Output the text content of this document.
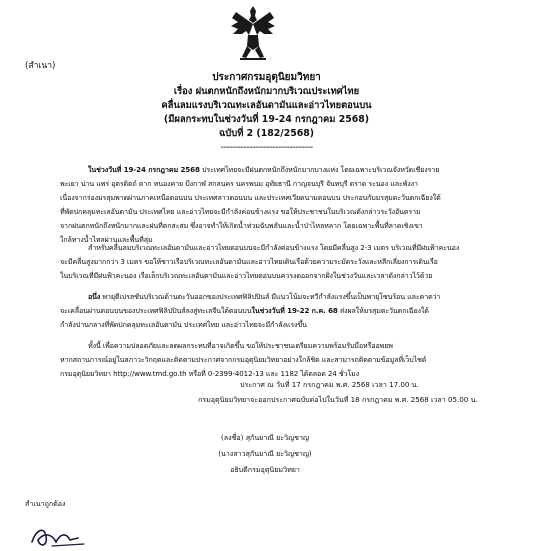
(สำเนา)
ประกาศกรมอุตุนิยมวิทยา
เรื่อง ฝนตกหนักถึงหนักมากบริเวณประเทศไทย
คลื่นลมแรงบริเวณทะเลอันดามันและอ่าวไทยตอนบน
(มีผลกระทบในช่วงวันที่ 19-24 กรกฎาคม 2568)
ฉบับที่ 2 (182/2568)
--------------------------------
ในช่วงวันที่ 19-24 กรกฎาคม 2568 ประเทศไทยจะมีฝนตกหนักถึงหนักมากบางแห่ง โดยเฉพาะบริเวณจังหวัดเชียงราย
พะเยา น่าน แพร่ อุตรดิตถ์ ตาก หนองคาย บึงกาฬ สกลนคร นครพนม อุทัยธานี กาญจนบุรี จันทบุรี ตราด ระนอง และพังงา
เนื่องจากร่องมรสุมพาดผ่านภาคเหนือตอนบน ประเทศลาวตอนบน และประเทศเวียดนามตอนบน ประกอบกับมรสุมตะวันตกเฉียงใต้
ที่พัดปกคลุมทะเลอันดามัน ประเทศไทย และอ่าวไทยจะมีกำลังค่อนข้างแรง ขอให้ประชาชนในบริเวณดังกล่าวระวังอันตราย
จากฝนตกหนักถึงหนักมากและฝนที่ตกสะสม ซึ่งอาจทำให้เกิดน้ำท่วมฉับพลันและน้ำป่าไหลหลาก โดยเฉพาะพื้นที่ลาดเชิงเขา
ใกล้ทางน้ำไหลผ่านและพื้นที่ลุ่ม
สำหรับคลื่นลมบริเวณทะเลอันดามันและอ่าวไทยตอนบนจะมีกำลังค่อนข้างแรง โดยมีคลื่นสูง 2-3 เมตร บริเวณที่มีฝนฟ้าคะนอง
จะมีคลื่นสูงมากกว่า 3 เมตร ขอให้ชาวเรือบริเวณทะเลอันดามันและอ่าวไทยเดินเรือด้วยความระมัดระวังและหลีกเลี่ยงการเดินเรือ
ในบริเวณที่มีฝนฟ้าคะนอง เรือเล็กบริเวณทะเลอันดามันและอ่าวไทยตอนบนควรงดออกจากฝั่งในช่วงวันและเวลาดังกล่าวไว้ด้วย
อนึ่ง พายุดีเปรสชันบริเวณด้านตะวันออกของประเทศฟิลิปปินส์ มีแนวโน้มจะทวีกำลังแรงขึ้นเป็นพายุโซนร้อน และคาดว่า
จะเคลื่อนผ่านตอนบนของประเทศฟิลิปปินส์ลงสู่ทะเลจีนใต้ตอนบนในช่วงวันที่ 19-22 ก.ค. 68 ส่งผลให้มรสุมตะวันตกเฉียงใต้
กำลังปานกลางที่พัดปกคลุมทะเลอันดามัน ประเทศไทย และอ่าวไทยจะมีกำลังแรงขึ้น
ทั้งนี้ เพื่อความปลอดภัยและลดผลกระทบที่อาจเกิดขึ้น ขอให้ประชาชนเตรียมความพร้อมรับมือหรืออพยพ
หากสถานการณ์อยู่ในสภาวะวิกฤตและติดตามประกาศจากกรมอุตุนิยมวิทยาอย่างใกล้ชิด และสามารถติดตามข้อมูลที่เว็บไซต์
กรมอุตุนิยมวิทยา http://www.tmd.go.th หรือที่ 0-2399-4012-13 และ 1182 ได้ตลอด 24 ชั่วโมง
ประกาศ ณ วันที่ 17 กรกฎาคม พ.ศ. 2568 เวลา 17.00 น.
กรมอุตุนิยมวิทยาจะออกประกาศฉบับต่อไปในวันที่ 18 กรกฎาคม พ.ศ. 2568 เวลา 05.00 น.
(ลงชื่อ) สุกันยาณี ยะวิญชาญ
(นางสาวสุกันยาณี ยะวิญชาญ)
อธิบดีกรมอุตุนิยมวิทยา
สำเนาถูกต้อง
